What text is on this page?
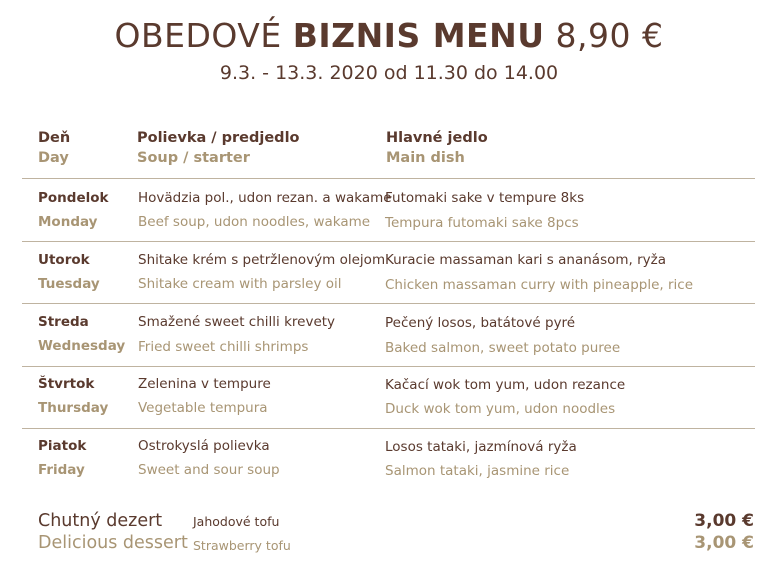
OBEDOVÉ BIZNIS MENU 8,90 €
9.3. - 13.3. 2020 od 11.30 do 14.00
Deň
Day
Polievka / predjedlo
Soup / starter
Hlavné jedlo
Main dish
Pondelok
Monday
Hovädzia pol., udon rezan. a wakame
Beef soup, udon noodles, wakame
Futomaki sake v tempure 8ks
Tempura futomaki sake 8pcs
Utorok
Tuesday
Shitake krém s petržlenovým olejom
Shitake cream with parsley oil
Kuracie massaman kari s ananásom, ryža
Chicken massaman curry with pineapple, rice
Streda
Wednesday
Smažené sweet chilli krevety
Fried sweet chilli shrimps
Pečený losos, batátové pyré
Baked salmon, sweet potato puree
Štvrtok
Thursday
Zelenina v tempure
Vegetable tempura
Kačací wok tom yum, udon rezance
Duck wok tom yum, udon noodles
Piatok
Friday
Ostrokyslá polievka
Sweet and sour soup
Losos tataki, jazmínová ryža
Salmon tataki, jasmine rice
Chutný dezert
Delicious dessert
Jahodové tofu
Strawberry tofu
3,00 €
3,00 €
